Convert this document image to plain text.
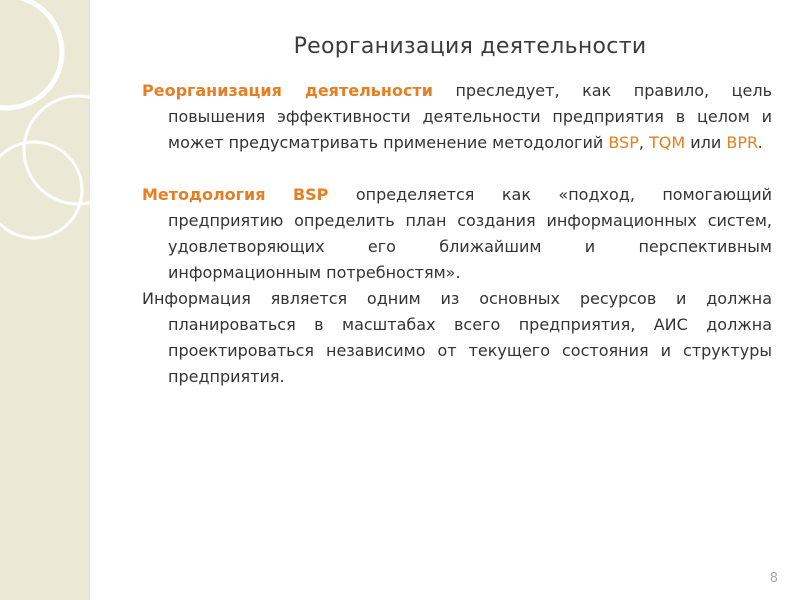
Реорганизация деятельности

Реорганизация деятельности преследует, как правило, цель повышения эффективности деятельности предприятия в целом и может предусматривать применение методологий BSP, TQM или BPR.

Методология BSP определяется как «подход, помогающий предприятию определить план создания информационных систем, удовлетворяющих его ближайшим и перспективным информационным потребностям».

Информация является одним из основных ресурсов и должна планироваться в масштабах всего предприятия, АИС должна проектироваться независимо от текущего состояния и структуры предприятия.

8
